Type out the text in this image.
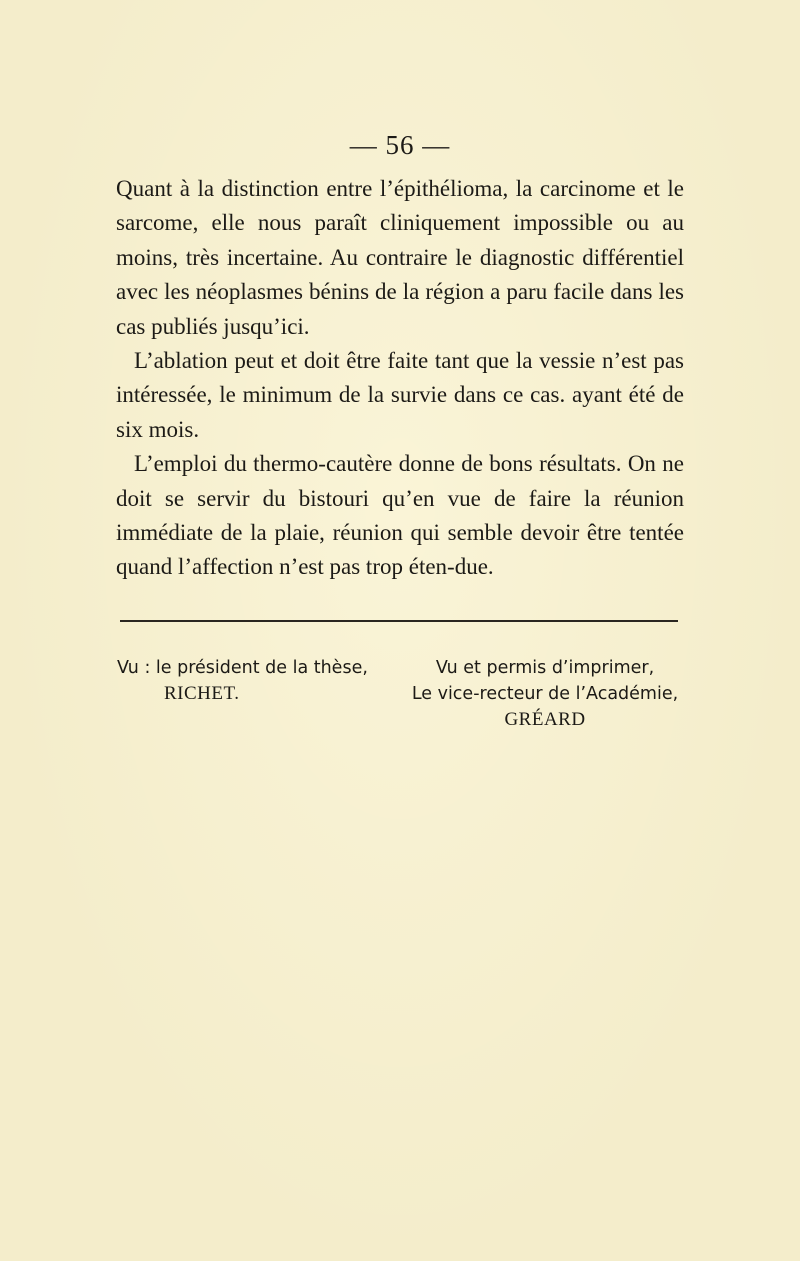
— 56 —

Quant à la distinction entre l’épithélioma, la carcinome et le sarcome, elle nous paraît cliniquement impossible ou au moins, très incertaine. Au contraire le diagnostic différentiel avec les néoplasmes bénins de la région a paru facile dans les cas publiés jusqu’ici.

L’ablation peut et doit être faite tant que la vessie n’est pas intéressée, le minimum de la survie dans ce cas. ayant été de six mois.

L’emploi du thermo-cautère donne de bons résultats. On ne doit se servir du bistouri qu’en vue de faire la réunion immédiate de la plaie, réunion qui semble devoir être tentée quand l’affection n’est pas trop éten-due.

Vu : le président de la thèse,
RICHET.
Vu et permis d’imprimer,
Le vice-recteur de l’Académie,
GRÉARD
